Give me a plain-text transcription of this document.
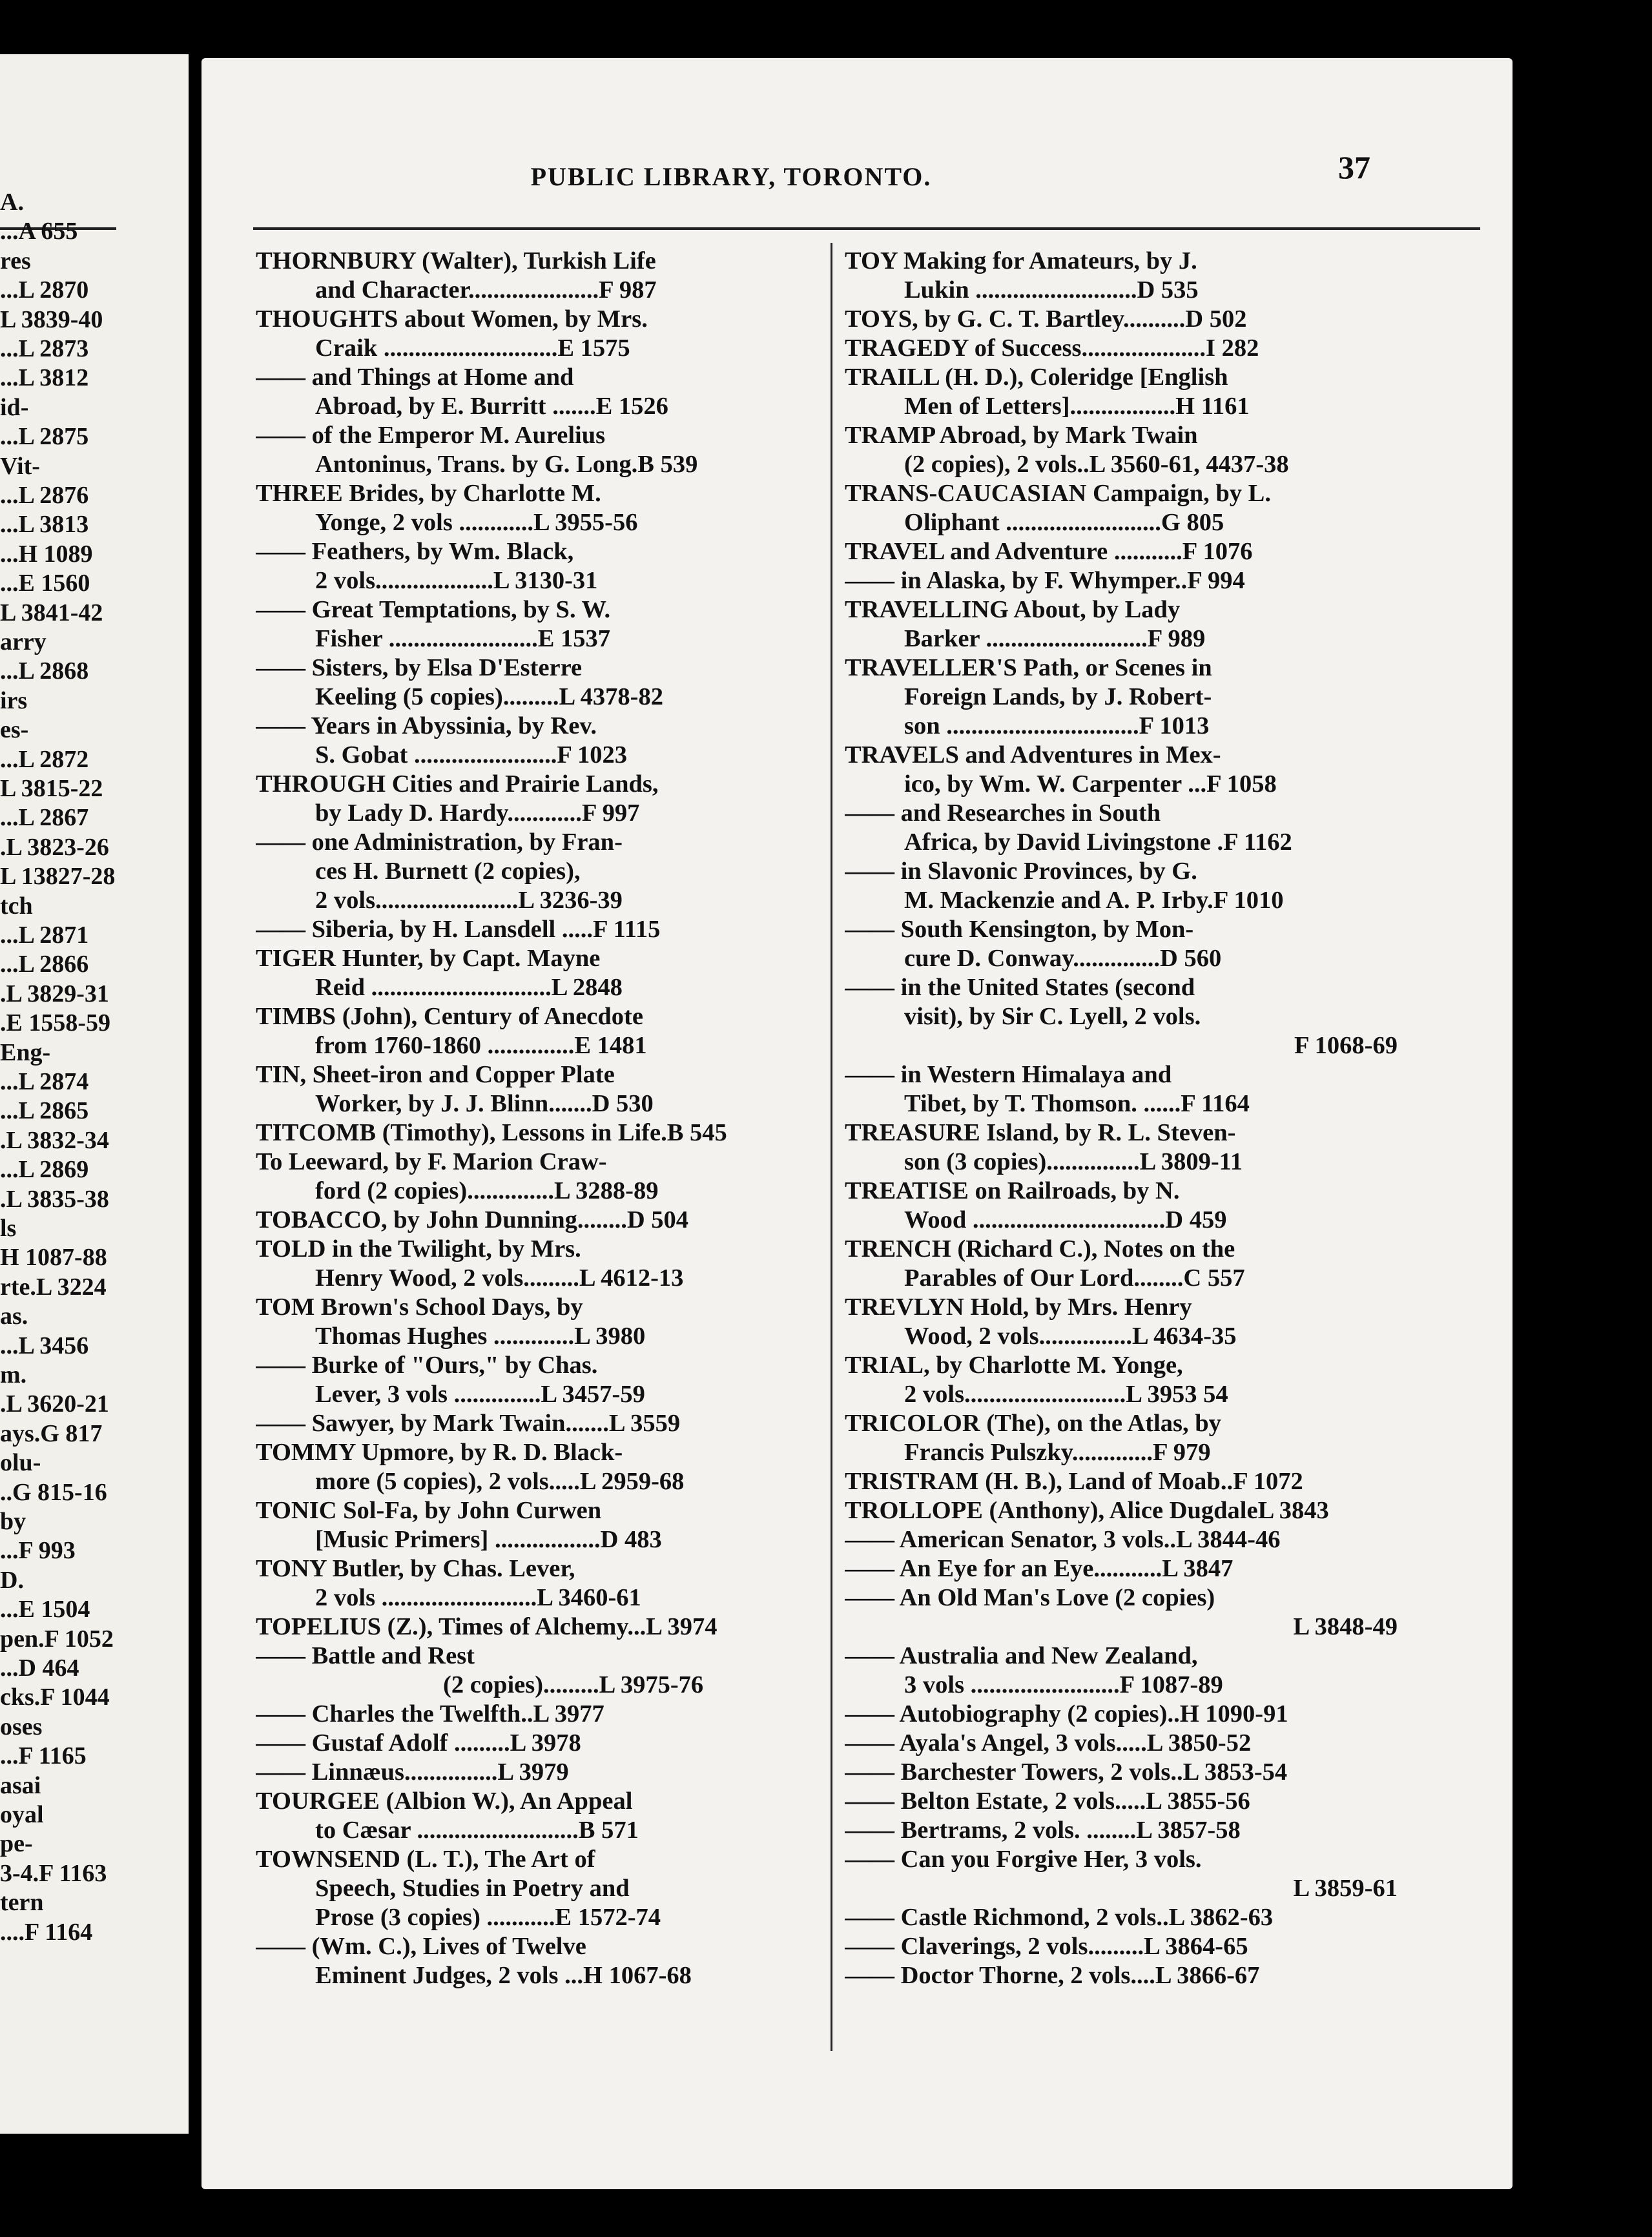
A.
...A 655
res
...L 2870
L 3839-40
...L 2873
...L 3812
id-
...L 2875
Vit-
...L 2876
...L 3813
...H 1089
...E 1560
L 3841-42
arry
...L 2868
irs
es-
...L 2872
L 3815-22
...L 2867
.L 3823-26
L 13827-28
tch
...L 2871
...L 2866
.L 3829-31
.E 1558-59
Eng-
...L 2874
...L 2865
.L 3832-34
...L 2869
.L 3835-38
ls
H 1087-88
rte.L 3224
as.
...L 3456
m.
.L 3620-21
ays.G 817
olu-
..G 815-16
by
...F 993
D.
...E 1504
pen.F 1052
...D 464
cks.F 1044
oses
...F 1165
asai
oyal
pe-
3-4.F 1163
tern
....F 1164
PUBLIC LIBRARY, TORONTO.	37
THORNBURY (Walter), Turkish Life
and Character.....................F 987
THOUGHTS about Women, by Mrs.
Craik ............................E 1575
—— and Things at Home and
Abroad, by E. Burritt .......E 1526
—— of the Emperor M. Aurelius
Antoninus, Trans. by G. Long.B 539
THREE Brides, by Charlotte M.
Yonge, 2 vols ............L 3955-56
—— Feathers, by Wm. Black,
2 vols...................L 3130-31
—— Great Temptations, by S. W.
Fisher ........................E 1537
—— Sisters, by Elsa D'Esterre
Keeling (5 copies).........L 4378-82
—— Years in Abyssinia, by Rev.
S. Gobat .......................F 1023
THROUGH Cities and Prairie Lands,
by Lady D. Hardy............F 997
—— one Administration, by Fran-
ces H. Burnett (2 copies),
2 vols.......................L 3236-39
—— Siberia, by H. Lansdell .....F 1115
TIGER Hunter, by Capt. Mayne
Reid .............................L 2848
TIMBS (John), Century of Anecdote
from 1760-1860 ..............E 1481
TIN, Sheet-iron and Copper Plate
Worker, by J. J. Blinn.......D 530
TITCOMB (Timothy), Lessons in Life.B 545
To Leeward, by F. Marion Craw-
ford (2 copies)..............L 3288-89
TOBACCO, by John Dunning........D 504
TOLD in the Twilight, by Mrs.
Henry Wood, 2 vols.........L 4612-13
TOM Brown's School Days, by
Thomas Hughes .............L 3980
—— Burke of "Ours," by Chas.
Lever, 3 vols ..............L 3457-59
—— Sawyer, by Mark Twain.......L 3559
TOMMY Upmore, by R. D. Black-
more (5 copies), 2 vols.....L 2959-68
TONIC Sol-Fa, by John Curwen
[Music Primers] .................D 483
TONY Butler, by Chas. Lever,
2 vols .........................L 3460-61
TOPELIUS (Z.), Times of Alchemy...L 3974
—— Battle and Rest
(2 copies).........L 3975-76
—— Charles the Twelfth..L 3977
—— Gustaf Adolf .........L 3978
—— Linnæus...............L 3979
TOURGEE (Albion W.), An Appeal
to Cæsar ..........................B 571
TOWNSEND (L. T.), The Art of
Speech, Studies in Poetry and
Prose (3 copies) ...........E 1572-74
—— (Wm. C.), Lives of Twelve
Eminent Judges, 2 vols ...H 1067-68
TOY Making for Amateurs, by J.
Lukin ..........................D 535
TOYS, by G. C. T. Bartley..........D 502
TRAGEDY of Success....................I 282
TRAILL (H. D.), Coleridge [English
Men of Letters].................H 1161
TRAMP Abroad, by Mark Twain
(2 copies), 2 vols..L 3560-61, 4437-38
TRANS-CAUCASIAN Campaign, by L.
Oliphant .........................G 805
TRAVEL and Adventure ...........F 1076
—— in Alaska, by F. Whymper..F 994
TRAVELLING About, by Lady
Barker ..........................F 989
TRAVELLER'S Path, or Scenes in
Foreign Lands, by J. Robert-
son ...............................F 1013
TRAVELS and Adventures in Mex-
ico, by Wm. W. Carpenter ...F 1058
—— and Researches in South
Africa, by David Livingstone .F 1162
—— in Slavonic Provinces, by G.
M. Mackenzie and A. P. Irby.F 1010
—— South Kensington, by Mon-
cure D. Conway..............D 560
—— in the United States (second
visit), by Sir C. Lyell, 2 vols.
F 1068-69
—— in Western Himalaya and
Tibet, by T. Thomson. ......F 1164
TREASURE Island, by R. L. Steven-
son (3 copies)...............L 3809-11
TREATISE on Railroads, by N.
Wood ...............................D 459
TRENCH (Richard C.), Notes on the
Parables of Our Lord........C 557
TREVLYN Hold, by Mrs. Henry
Wood, 2 vols...............L 4634-35
TRIAL, by Charlotte M. Yonge,
2 vols..........................L 3953 54
TRICOLOR (The), on the Atlas, by
Francis Pulszky.............F 979
TRISTRAM (H. B.), Land of Moab..F 1072
TROLLOPE (Anthony), Alice DugdaleL 3843
—— American Senator, 3 vols..L 3844-46
—— An Eye for an Eye...........L 3847
—— An Old Man's Love (2 copies)
L 3848-49
—— Australia and New Zealand,
3 vols ........................F 1087-89
—— Autobiography (2 copies)..H 1090-91
—— Ayala's Angel, 3 vols.....L 3850-52
—— Barchester Towers, 2 vols..L 3853-54
—— Belton Estate, 2 vols.....L 3855-56
—— Bertrams, 2 vols. ........L 3857-58
—— Can you Forgive Her, 3 vols.
L 3859-61
—— Castle Richmond, 2 vols..L 3862-63
—— Claverings, 2 vols.........L 3864-65
—— Doctor Thorne, 2 vols....L 3866-67
